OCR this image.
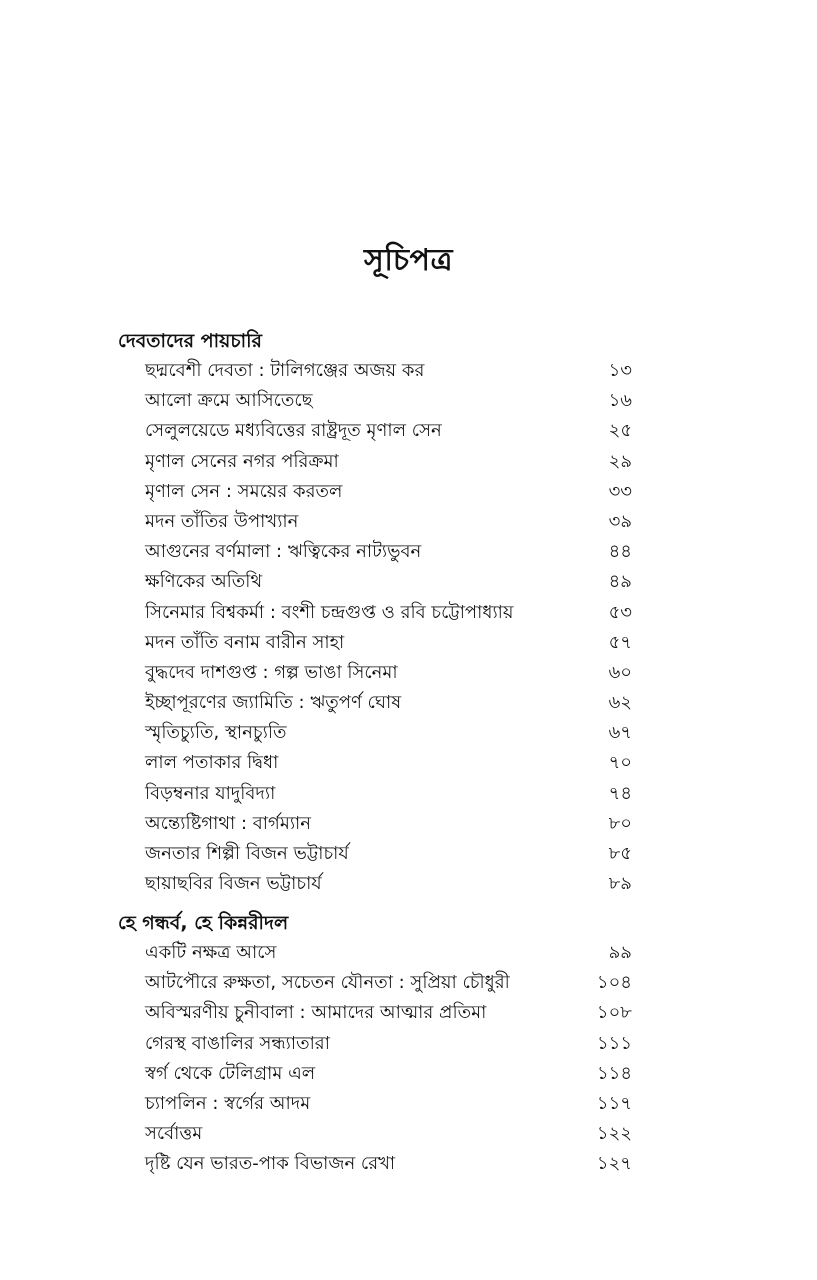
সূচিপত্র
দেবতাদের পায়চারি
ছদ্মবেশী দেবতা : টালিগঞ্জের অজয় কর	১৩
আলো ক্রমে আসিতেছে	১৬
সেলুলয়েডে মধ্যবিত্তের রাষ্ট্রদূত মৃণাল সেন	২৫
মৃণাল সেনের নগর পরিক্রমা	২৯
মৃণাল সেন : সময়ের করতল	৩৩
মদন তাঁতির উপাখ্যান	৩৯
আগুনের বর্ণমালা : ঋত্বিকের নাট্যভুবন	৪৪
ক্ষণিকের অতিথি	৪৯
সিনেমার বিশ্বকর্মা : বংশী চন্দ্রগুপ্ত ও রবি চট্টোপাধ্যায়	৫৩
মদন তাঁতি বনাম বারীন সাহা	৫৭
বুদ্ধদেব দাশগুপ্ত : গল্প ভাঙা সিনেমা	৬০
ইচ্ছাপূরণের জ্যামিতি : ঋতুপর্ণ ঘোষ	৬২
স্মৃতিচ্যুতি, স্থানচ্যুতি	৬৭
লাল পতাকার দ্বিধা	৭০
বিড়ম্বনার যাদুবিদ্যা	৭৪
অন্ত্যেষ্টিগাথা : বার্গম্যান	৮০
জনতার শিল্পী বিজন ভট্টাচার্য	৮৫
ছায়াছবির বিজন ভট্টাচার্য	৮৯
হে গন্ধর্ব, হে কিন্নরীদল
একটি নক্ষত্র আসে	৯৯
আটপৌরে রুক্ষতা, সচেতন যৌনতা : সুপ্রিয়া চৌধুরী	১০৪
অবিস্মরণীয় চুনীবালা : আমাদের আত্মার প্রতিমা	১০৮
গেরস্থ বাঙালির সন্ধ্যাতারা	১১১
স্বর্গ থেকে টেলিগ্রাম এল	১১৪
চ্যাপলিন : স্বর্গের আদম	১১৭
সর্বোত্তম	১২২
দৃষ্টি যেন ভারত-পাক বিভাজন রেখা	১২৭
